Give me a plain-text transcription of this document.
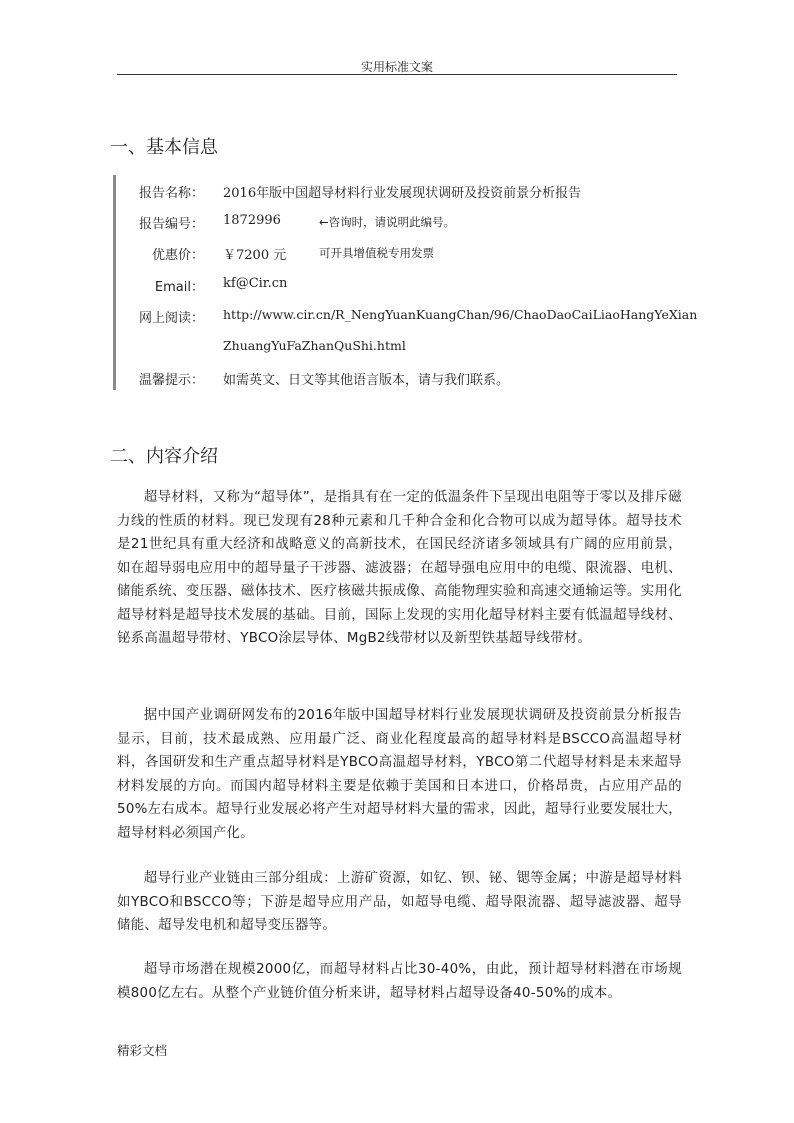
实用标准文案
一、基本信息
报告名称： 2016年版中国超导材料行业发展现状调研及投资前景分析报告
报告编号： 1872996	←咨询时，请说明此编号。
优惠价： ￥7200 元	可开具增值税专用发票
Email： kf@Cir.cn
网上阅读： http://www.cir.cn/R_NengYuanKuangChan/96/ChaoDaoCaiLiaoHangYeXian
ZhuangYuFaZhanQuShi.html
温馨提示： 如需英文、日文等其他语言版本，请与我们联系。
二、内容介绍
超导材料，又称为“超导体”，是指具有在一定的低温条件下呈现出电阻等于零以及排斥磁力线的性质的材料。现已发现有28种元素和几千种合金和化合物可以成为超导体。超导技术是21世纪具有重大经济和战略意义的高新技术，在国民经济诸多领域具有广阔的应用前景，如在超导弱电应用中的超导量子干涉器、滤波器；在超导强电应用中的电缆、限流器、电机、储能系统、变压器、磁体技术、医疗核磁共振成像、高能物理实验和高速交通输运等。实用化超导材料是超导技术发展的基础。目前，国际上发现的实用化超导材料主要有低温超导线材、铋系高温超导带材、YBCO涂层导体、MgB2线带材以及新型铁基超导线带材。
据中国产业调研网发布的2016年版中国超导材料行业发展现状调研及投资前景分析报告显示，目前，技术最成熟、应用最广泛、商业化程度最高的超导材料是BSCCO高温超导材料，各国研发和生产重点超导材料是YBCO高温超导材料，YBCO第二代超导材料是未来超导材料发展的方向。而国内超导材料主要是依赖于美国和日本进口，价格昂贵，占应用产品的50%左右成本。超导行业发展必将产生对超导材料大量的需求，因此，超导行业要发展壮大，超导材料必须国产化。
超导行业产业链由三部分组成：上游矿资源，如钇、钡、铋、锶等金属；中游是超导材料如YBCO和BSCCO等；下游是超导应用产品，如超导电缆、超导限流器、超导滤波器、超导储能、超导发电机和超导变压器等。
超导市场潜在规模2000亿，而超导材料占比30-40%，由此，预计超导材料潜在市场规模800亿左右。从整个产业链价值分析来讲，超导材料占超导设备40-50%的成本。
精彩文档
